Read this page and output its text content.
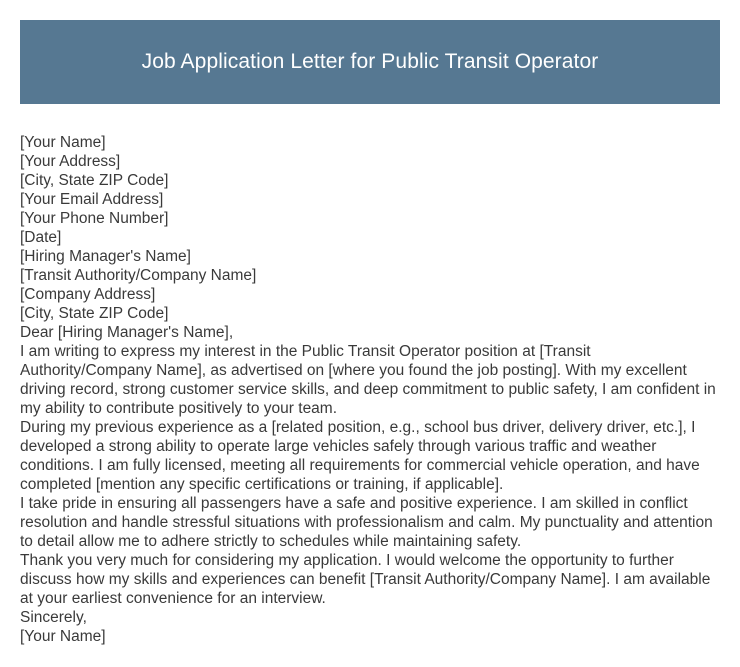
Job Application Letter for Public Transit Operator
[Your Name]
[Your Address]
[City, State ZIP Code]
[Your Email Address]
[Your Phone Number]
[Date]
[Hiring Manager's Name]
[Transit Authority/Company Name]
[Company Address]
[City, State ZIP Code]
Dear [Hiring Manager's Name],
I am writing to express my interest in the Public Transit Operator position at [Transit Authority/Company Name], as advertised on [where you found the job posting]. With my excellent driving record, strong customer service skills, and deep commitment to public safety, I am confident in my ability to contribute positively to your team.
During my previous experience as a [related position, e.g., school bus driver, delivery driver, etc.], I developed a strong ability to operate large vehicles safely through various traffic and weather conditions. I am fully licensed, meeting all requirements for commercial vehicle operation, and have completed [mention any specific certifications or training, if applicable].
I take pride in ensuring all passengers have a safe and positive experience. I am skilled in conflict resolution and handle stressful situations with professionalism and calm. My punctuality and attention to detail allow me to adhere strictly to schedules while maintaining safety.
Thank you very much for considering my application. I would welcome the opportunity to further discuss how my skills and experiences can benefit [Transit Authority/Company Name]. I am available at your earliest convenience for an interview.
Sincerely,
[Your Name]
